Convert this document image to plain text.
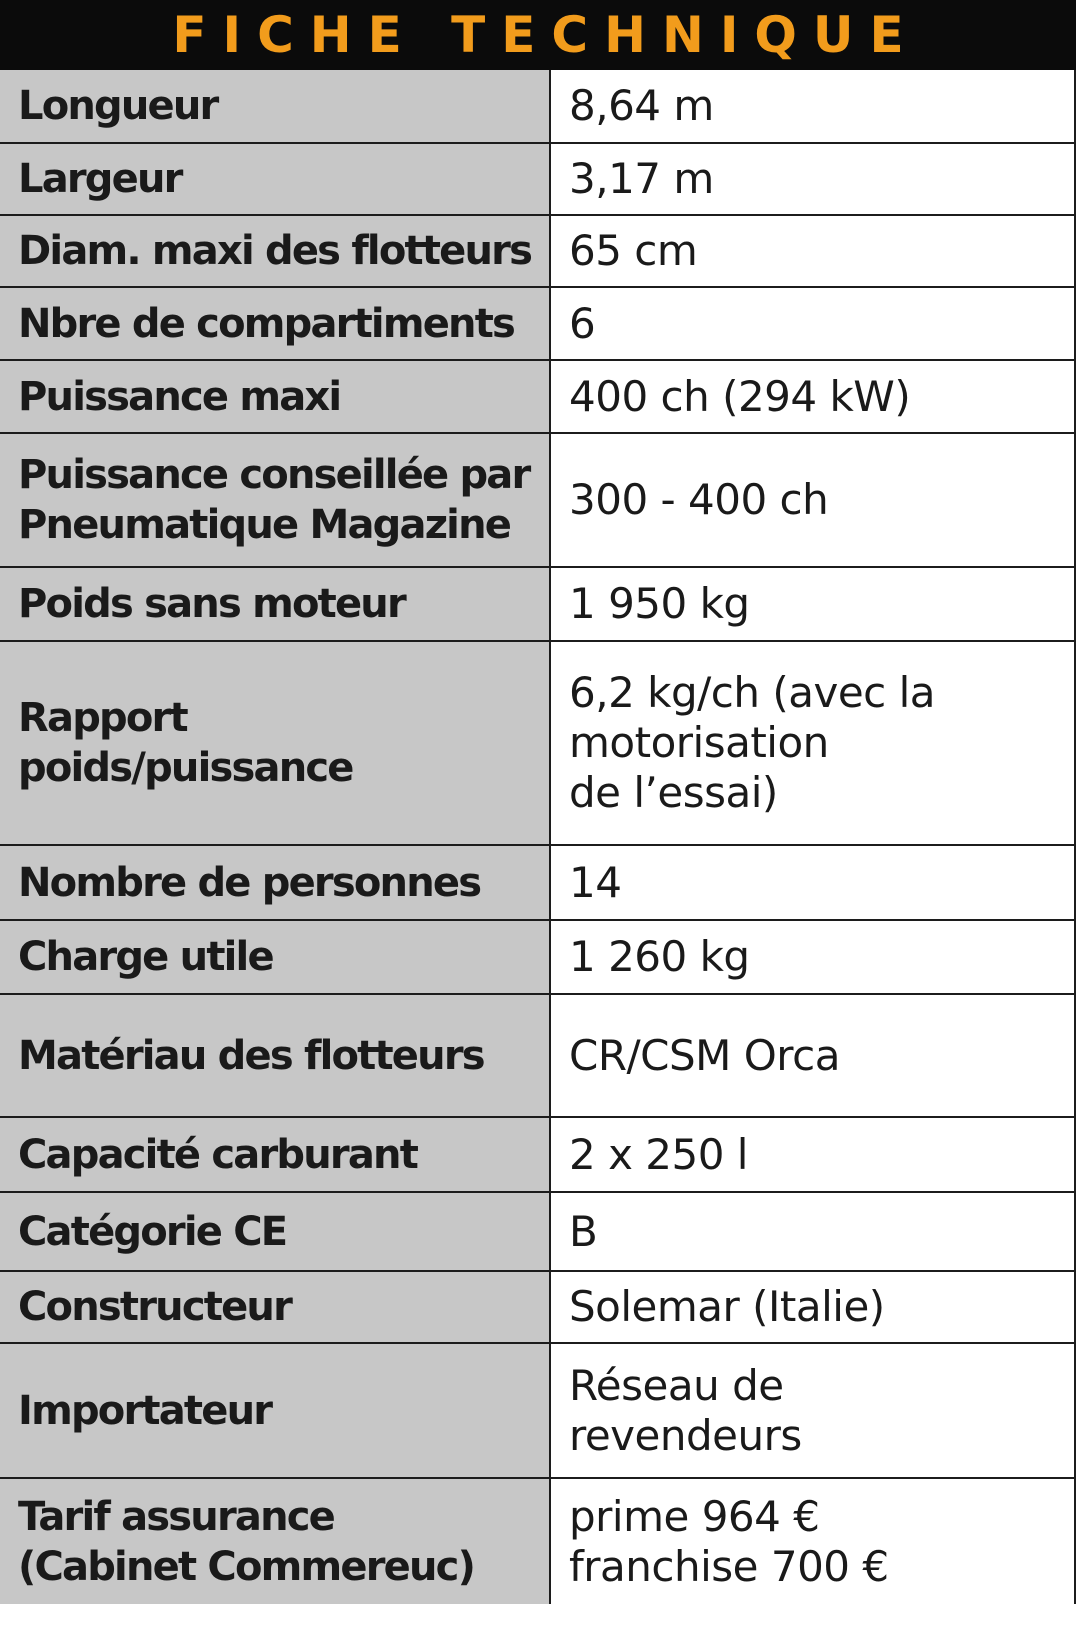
FICHE TECHNIQUE
Longueur	8,64 m

Largeur	3,17 m

Diam. maxi des flotteurs	65 cm

Nbre de compartiments	6

Puissance maxi	400 ch (294 kW)

Puissance conseillée par
Pneumatique Magazine	300 - 400 ch

Poids sans moteur	1 950 kg

Rapport poids/puissance	6,2 kg/ch (avec la
motorisation
de l’essai)

Nombre de personnes	14

Charge utile	1 260 kg

Matériau des flotteurs	CR/CSM Orca

Capacité carburant	2 x 250 l

Catégorie CE	B

Constructeur	Solemar (Italie)

Importateur	Réseau de
revendeurs

Tarif assurance
(Cabinet Commereuc)	prime 964 €
franchise 700 €
